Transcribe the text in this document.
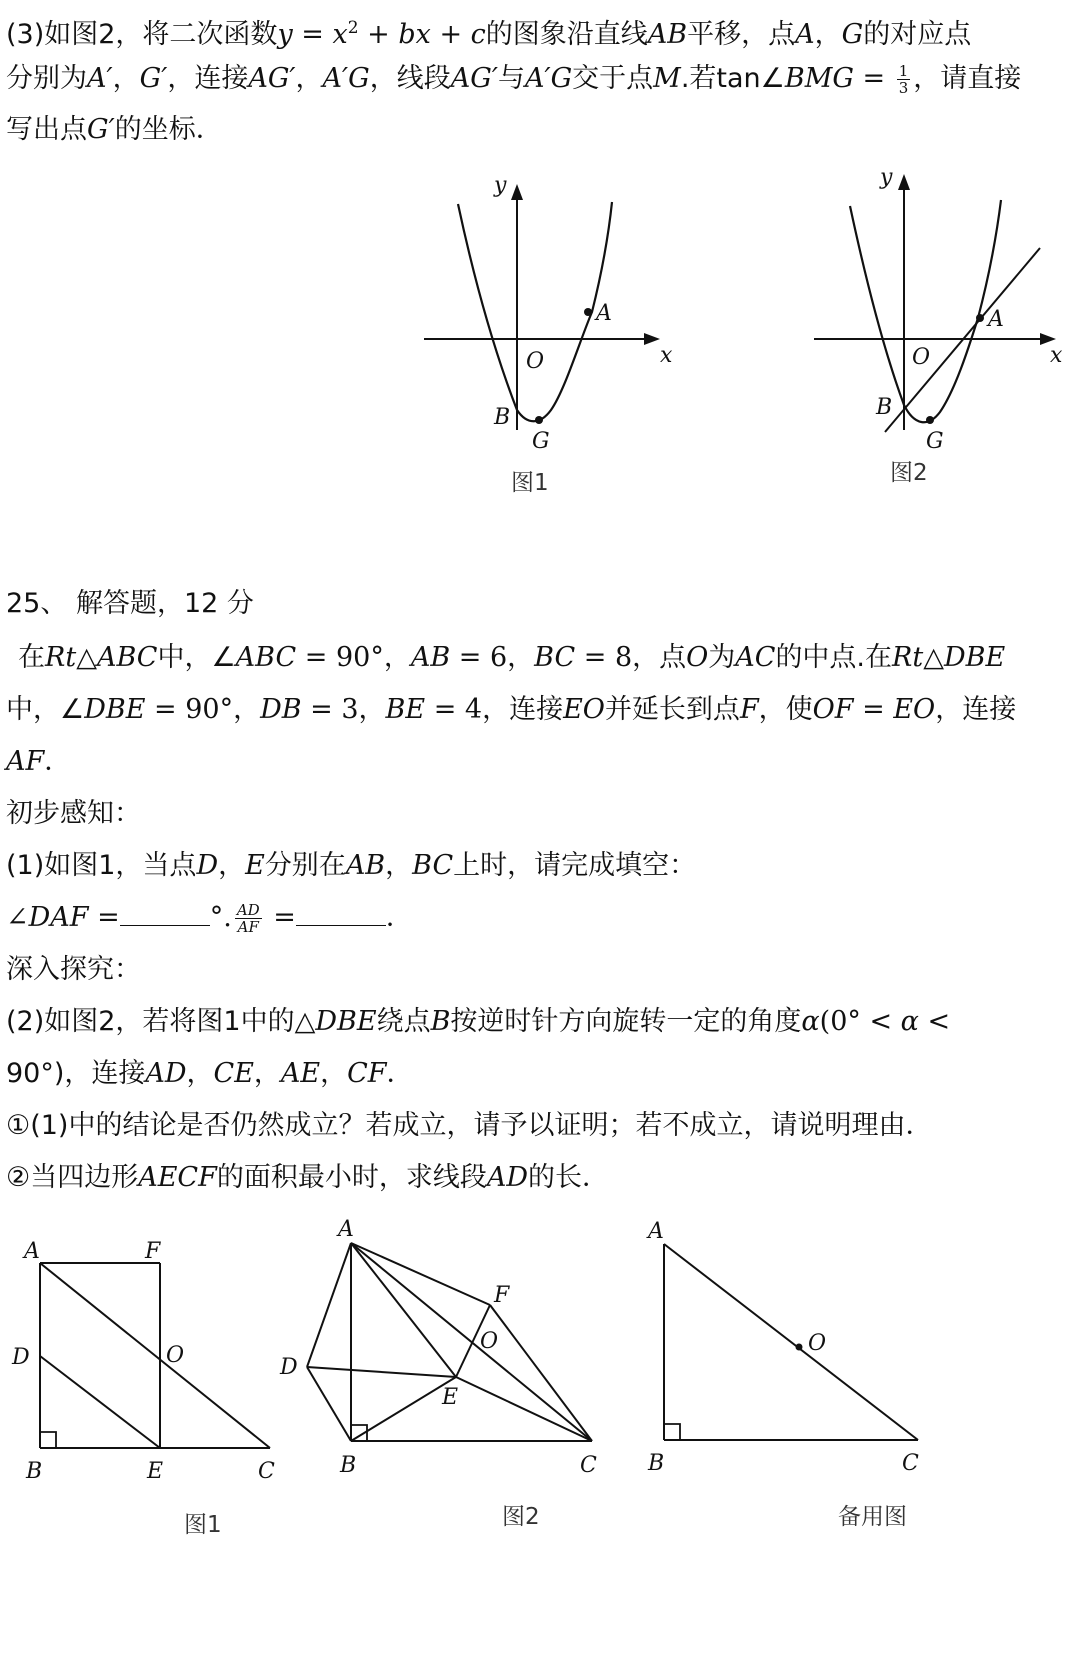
(3)如图2，将二次函数$y = x^2$ + bx + c的图象沿直线AB平移，点A，G的对应点
分别为A′，G′，连接AG′，A′G，线段AG′与A′G交于点M.若tan∠BMG = $\frac{1}{3}$ ，请直接
写出点G′的坐标．
y
x
O
A
B
G
图1
y
x
O
A
B
G
图2
25、 解答题，12 分
在Rt△ABC中，∠ABC = 90°，AB = 6，BC = 8，点O为AC的中点.在Rt△DBE
中，∠DBE = 90°，DB = 3，BE = 4，连接EO并延长到点F，使OF = EO，连接
AF．
初步感知：
(1)如图1，当点D，E分别在AB，BC上时，请完成填空：
∠DAF =	°. $\frac{AD}{AF}$ =	．
深入探究：
(2)如图2，若将图1中的△DBE绕点B按逆时针方向旋转一定的角度α(0° < α <
90°)，连接AD，CE，AE，CF．
①(1)中的结论是否仍然成立？若成立，请予以证明；若不成立，请说明理由．
②当四边形AECF的面积最小时，求线段AD的长．
A	F
D	O
B	E	C
图1
A
F
O
D
E
B	C
图2
A
O
B	C
备用图
